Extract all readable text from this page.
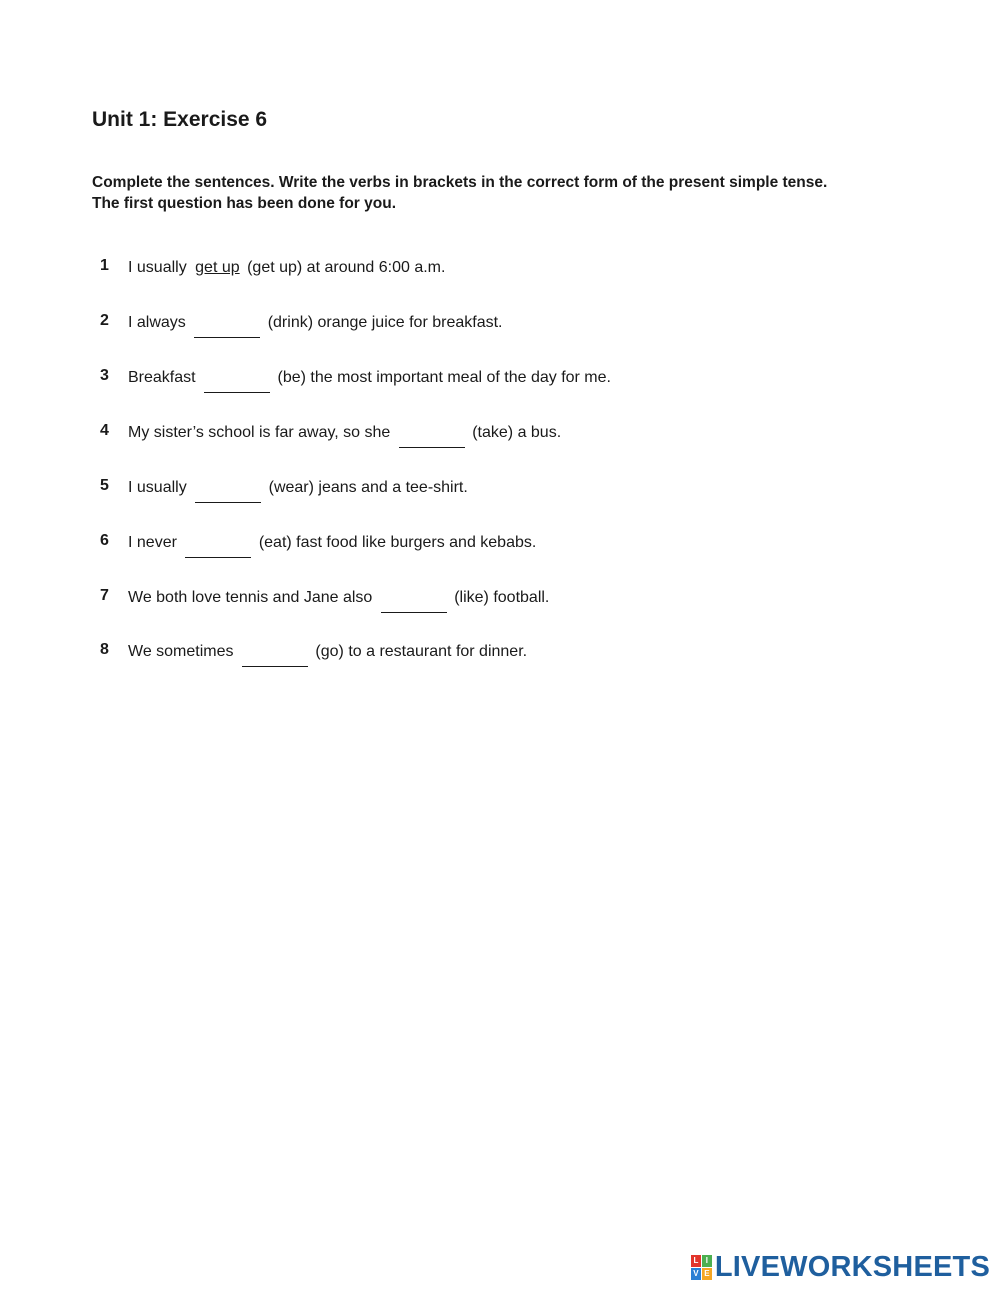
Unit 1: Exercise 6
Complete the sentences. Write the verbs in brackets in the correct form of the present simple tense.
The first question has been done for you.
1 I usually get up (get up) at around 6:00 a.m.
2 I always	(drink) orange juice for breakfast.
3 Breakfast	(be) the most important meal of the day for me.
4 My sister’s school is far away, so she	(take) a bus.
5 I usually	(wear) jeans and a tee-shirt.
6 I never	(eat) fast food like burgers and kebabs.
7 We both love tennis and Jane also	(like) football.
8 We sometimes	(go) to a restaurant for dinner.
L I
V E LIVEWORKSHEETS
